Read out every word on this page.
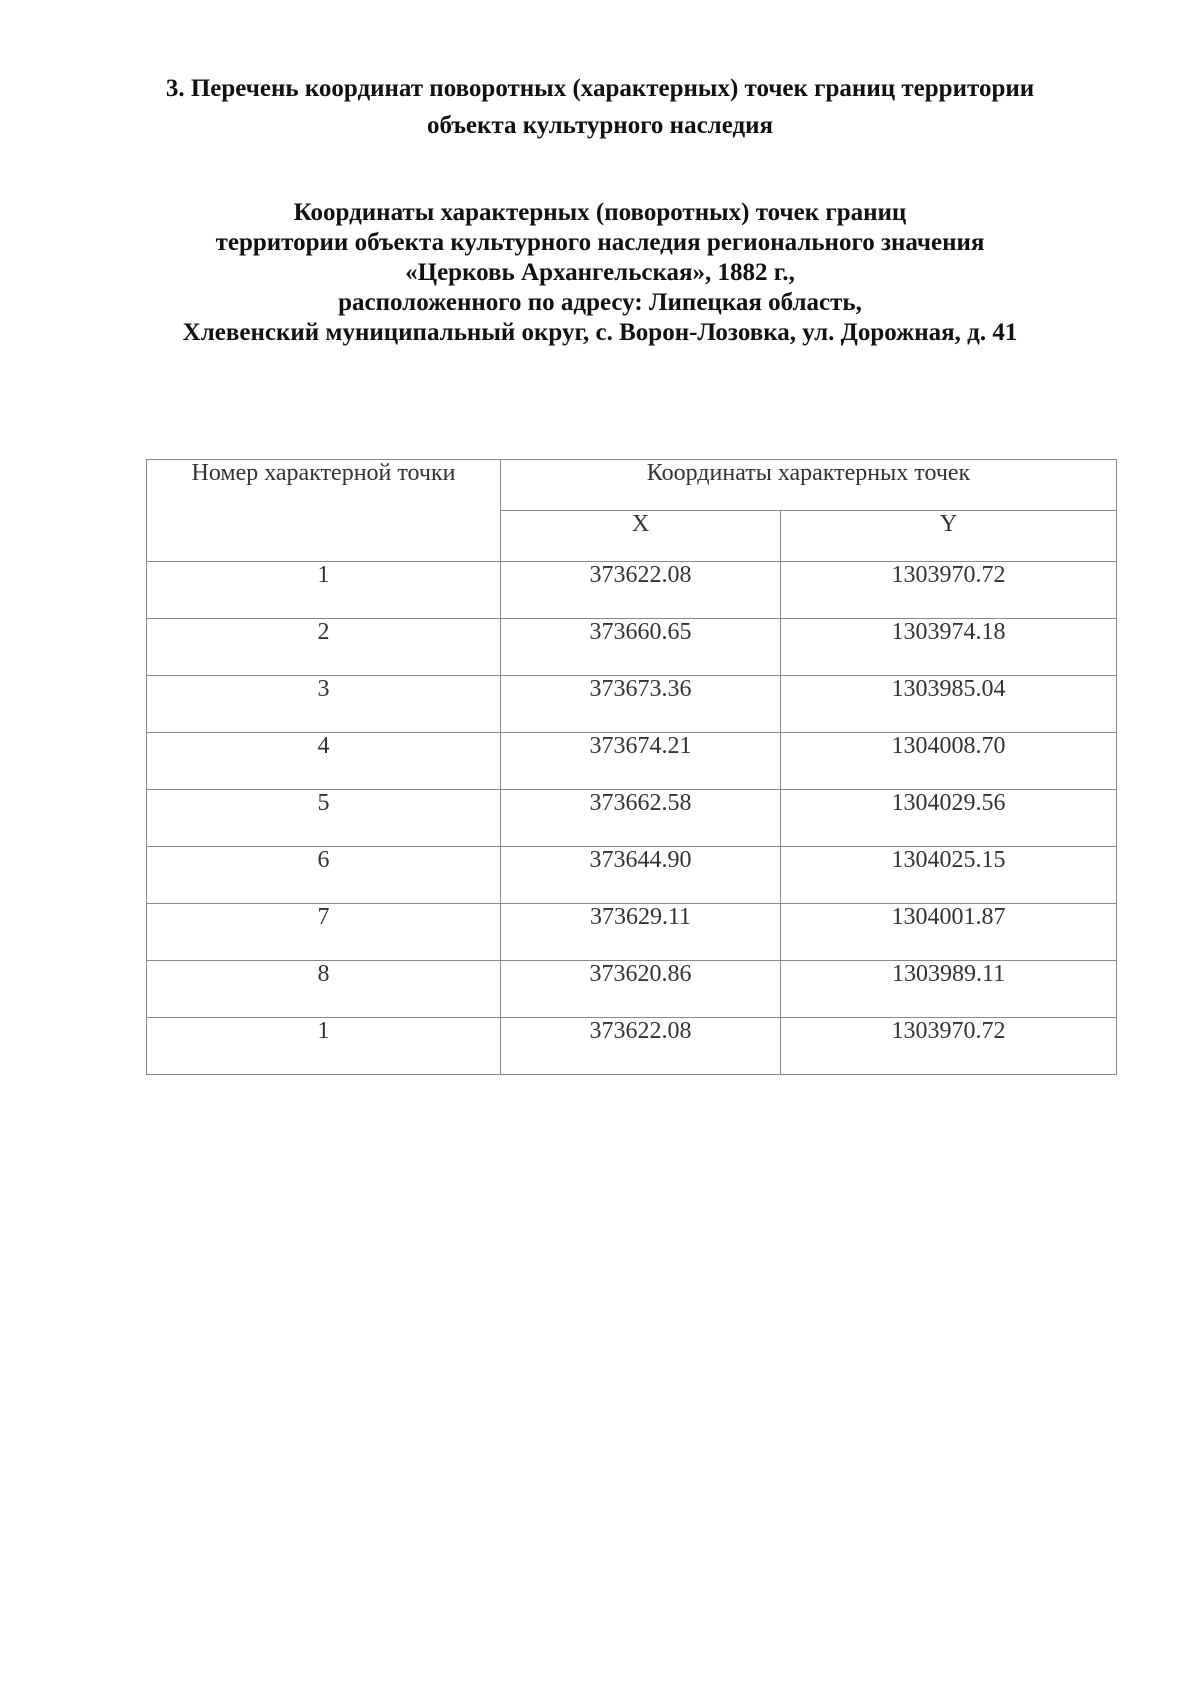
3. Перечень координат поворотных (характерных) точек границ территории
объекта культурного наследия
Координаты характерных (поворотных) точек границ
территории объекта культурного наследия регионального значения
«Церковь Архангельская», 1882 г.,
расположенного по адресу: Липецкая область,
Хлевенский муниципальный округ, с. Ворон-Лозовка, ул. Дорожная, д. 41
Номер характерной точки	Координаты характерных точек	
	X	Y
1	373622.08	1303970.72
2	373660.65	1303974.18
3	373673.36	1303985.04
4	373674.21	1304008.70
5	373662.58	1304029.56
6	373644.90	1304025.15
7	373629.11	1304001.87
8	373620.86	1303989.11
1	373622.08	1303970.72
